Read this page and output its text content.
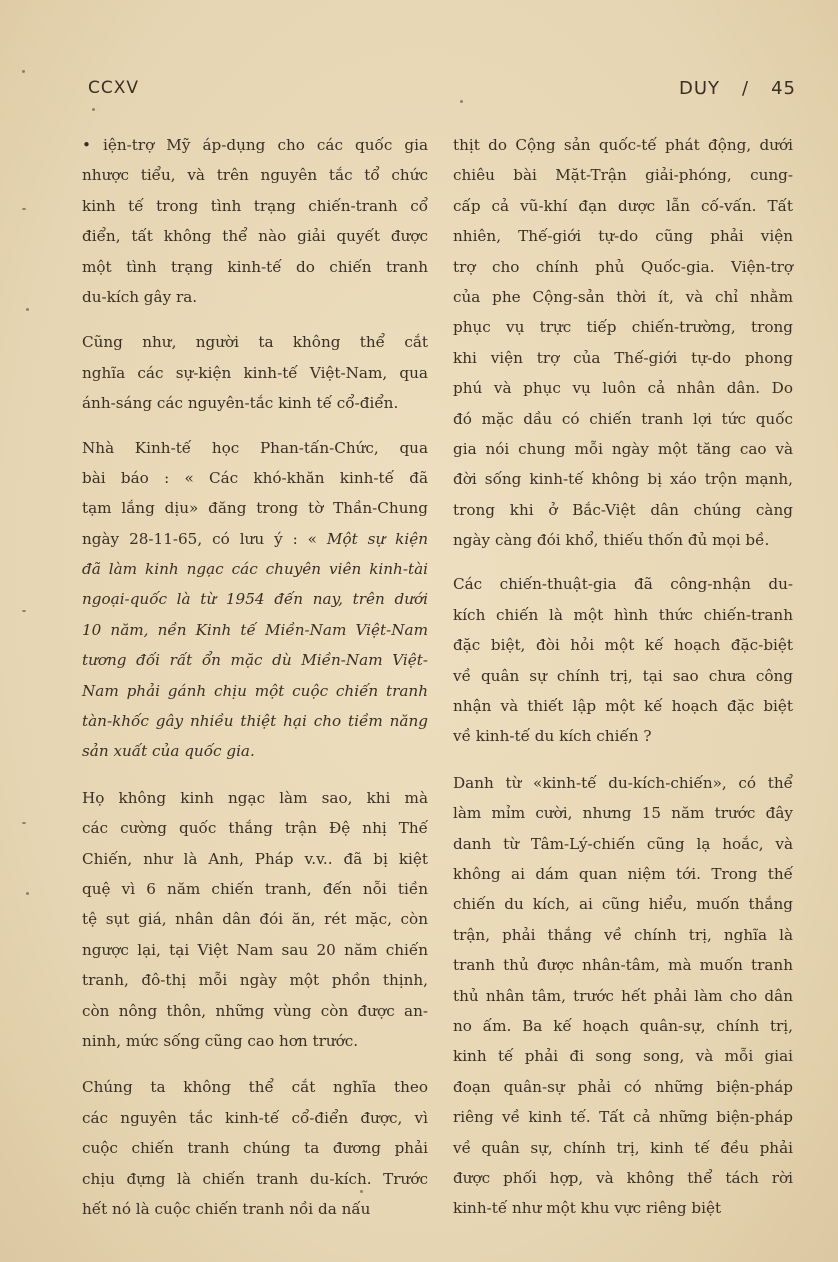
CCXV	DUY / 45
• iện-trợ Mỹ áp-dụng cho các quốc gia
nhược tiểu, và trên nguyên tắc tổ chức
kinh tế trong tình trạng chiến-tranh cổ
điển, tất không thể nào giải quyết được
một tình trạng kinh-tế do chiến tranh
du-kích gây ra.
Cũng như, người ta không thể cắt
nghĩa các sự-kiện kinh-tế Việt-Nam, qua
ánh-sáng các nguyên-tắc kinh tế cổ-điển.
Nhà Kinh-tế học Phan-tấn-Chức, qua
bài báo : « Các khó-khăn kinh-tế đã
tạm lắng dịu» đăng trong tờ Thần-Chung
ngày 28-11-65, có lưu ý : « Một sự kiện
đã làm kinh ngạc các chuyên viên kinh-tài
ngoại-quốc là từ 1954 đến nay, trên dưới
10 năm, nền Kinh tế Miền-Nam Việt-Nam
tương đối rất ổn mặc dù Miền-Nam Việt-
Nam phải gánh chịu một cuộc chiến tranh
tàn-khốc gây nhiều thiệt hại cho tiềm năng
sản xuất của quốc gia.
Họ không kinh ngạc làm sao, khi mà
các cường quốc thắng trận Đệ nhị Thế
Chiến, như là Anh, Pháp v.v.. đã bị kiệt
quệ vì 6 năm chiến tranh, đến nỗi tiền
tệ sụt giá, nhân dân đói ăn, rét mặc, còn
ngược lại, tại Việt Nam sau 20 năm chiến
tranh, đô-thị mỗi ngày một phồn thịnh,
còn nông thôn, những vùng còn được an-
ninh, mức sống cũng cao hơn trước.
Chúng ta không thể cắt nghĩa theo
các nguyên tắc kinh-tế cổ-điển được, vì
cuộc chiến tranh chúng ta đương phải
chịu đựng là chiến tranh du-kích. Trước
hết nó là cuộc chiến tranh nồi da nấu
thịt do Cộng sản quốc-tế phát động, dưới
chiêu bài Mặt-Trận giải-phóng, cung-
cấp cả vũ-khí đạn dược lẫn cố-vấn. Tất
nhiên, Thế-giới tự-do cũng phải viện
trợ cho chính phủ Quốc-gia. Viện-trợ
của phe Cộng-sản thời ít, và chỉ nhằm
phục vụ trực tiếp chiến-trường, trong
khi viện trợ của Thế-giới tự-do phong
phú và phục vụ luôn cả nhân dân. Do
đó mặc dầu có chiến tranh lợi tức quốc
gia nói chung mỗi ngày một tăng cao và
đời sống kinh-tế không bị xáo trộn mạnh,
trong khi ở Bắc-Việt dân chúng càng
ngày càng đói khổ, thiếu thốn đủ mọi bề.
Các chiến-thuật-gia đã công-nhận du-
kích chiến là một hình thức chiến-tranh
đặc biệt, đòi hỏi một kế hoạch đặc-biệt
về quân sự chính trị, tại sao chưa công
nhận và thiết lập một kế hoạch đặc biệt
về kinh-tế du kích chiến ?
Danh từ «kinh-tế du-kích-chiến», có thể
làm mỉm cười, nhưng 15 năm trước đây
danh từ Tâm-Lý-chiến cũng lạ hoắc, và
không ai dám quan niệm tới. Trong thế
chiến du kích, ai cũng hiểu, muốn thắng
trận, phải thắng về chính trị, nghĩa là
tranh thủ được nhân-tâm, mà muốn tranh
thủ nhân tâm, trước hết phải làm cho dân
no ấm. Ba kế hoạch quân-sự, chính trị,
kinh tế phải đi song song, và mỗi giai
đoạn quân-sự phải có những biện-pháp
riêng về kinh tế. Tất cả những biện-pháp
về quân sự, chính trị, kinh tế đều phải
được phối hợp, và không thể tách rời
kinh-tế như một khu vực riêng biệt
